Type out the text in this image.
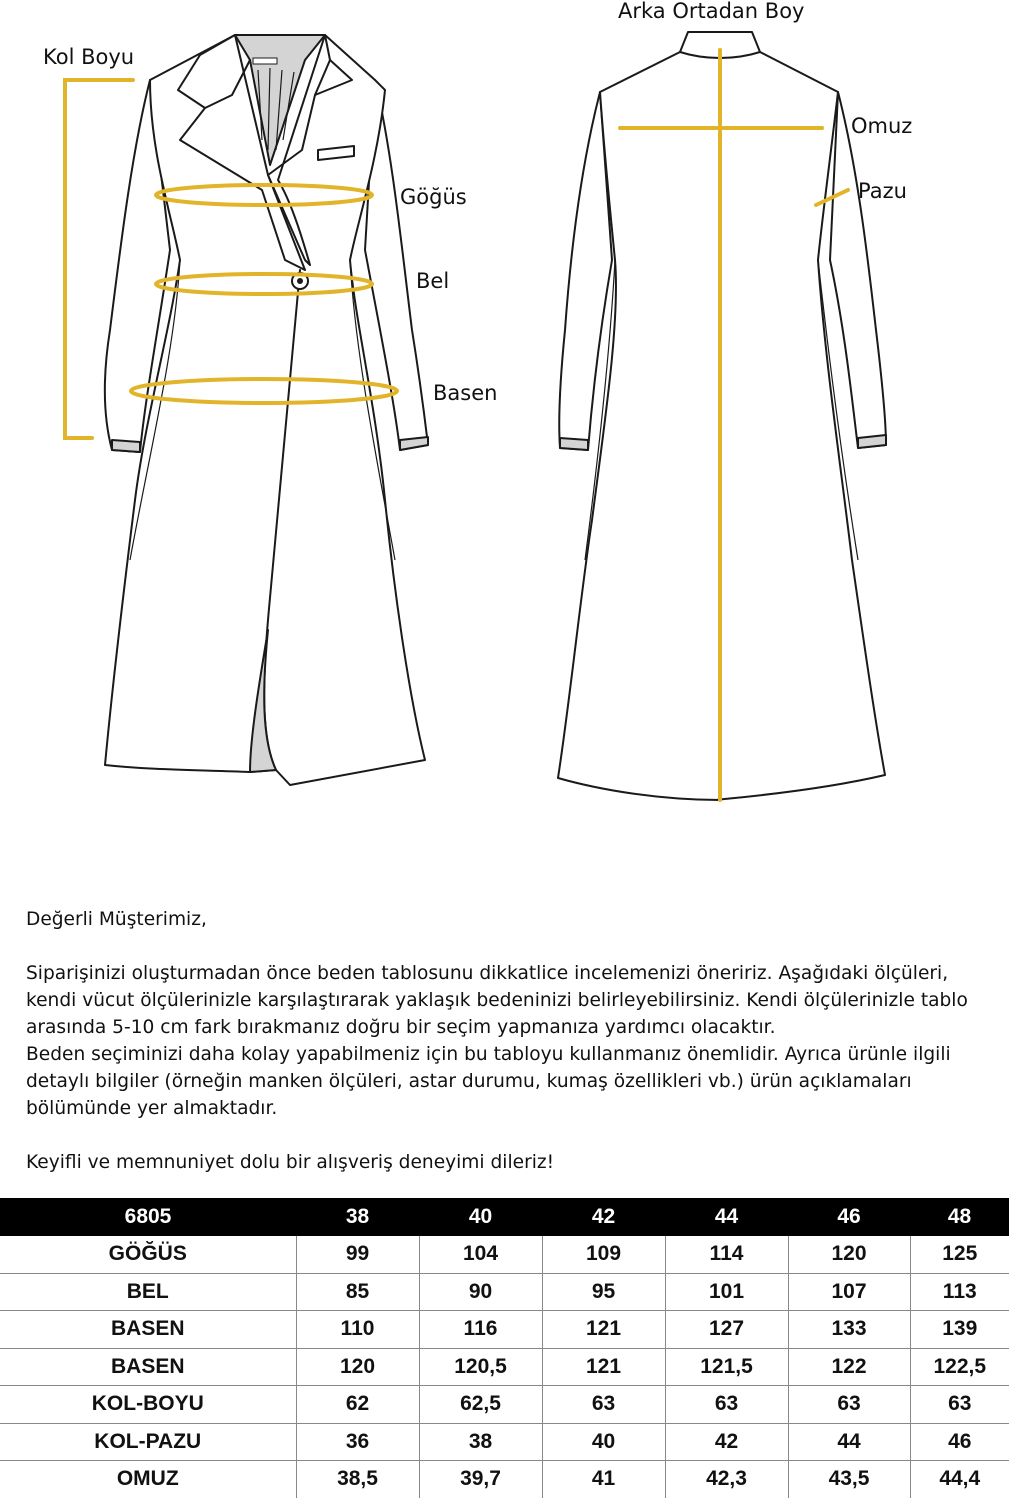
Arka Ortadan Boy
Kol Boyu
Omuz
Pazu
Göğüs
Bel
Basen

Değerli Müşterimiz,

Siparişinizi oluşturmadan önce beden tablosunu dikkatlice incelemenizi öneririz. Aşağıdaki ölçüleri, kendi vücut ölçülerinizle karşılaştırarak yaklaşık bedeninizi belirleyebilirsiniz. Kendi ölçülerinizle tablo arasında 5-10 cm fark bırakmanız doğru bir seçim yapmanıza yardımcı olacaktır.

Beden seçiminizi daha kolay yapabilmeniz için bu tabloyu kullanmanız önemlidir. Ayrıca ürünle ilgili detaylı bilgiler (örneğin manken ölçüleri, astar durumu, kumaş özellikleri vb.) ürün açıklamaları bölümünde yer almaktadır.

Keyifli ve memnuniyet dolu bir alışveriş deneyimi dileriz!

6805	38	40	42	44	46	48
GÖĞÜS	99	104	109	114	120	125
BEL	85	90	95	101	107	113
BASEN	110	116	121	127	133	139
BASEN	120	120,5	121	121,5	122	122,5
KOL-BOYU	62	62,5	63	63	63	63
KOL-PAZU	36	38	40	42	44	46
OMUZ	38,5	39,7	41	42,3	43,5	44,4
